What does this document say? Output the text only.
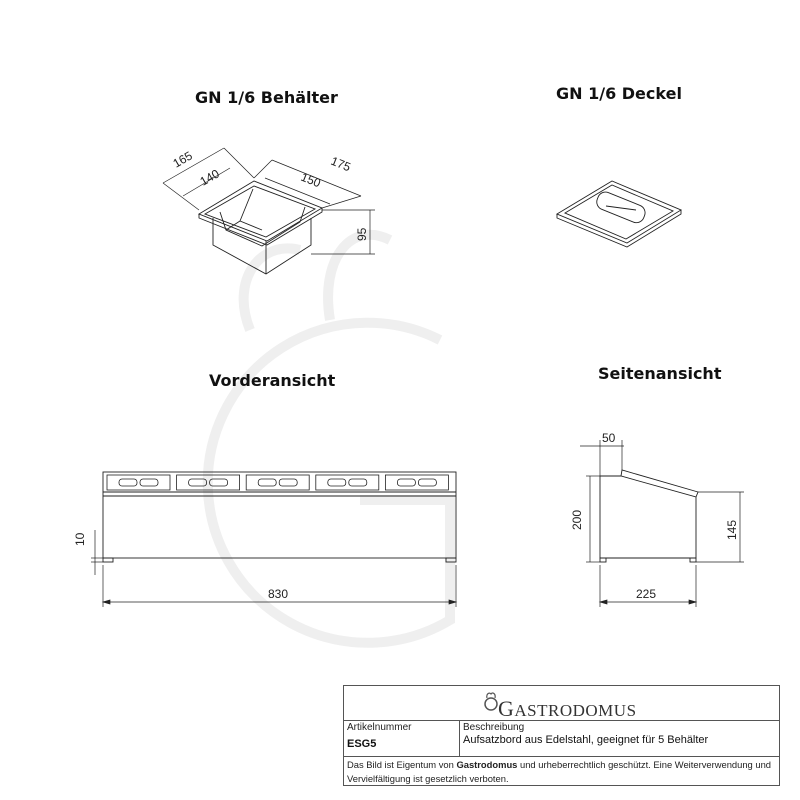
165
140
175
150
95
10
830
50
200	145
225
GN 1/6 Behälter	GN 1/6 Deckel
Vorderansicht	Seitenansicht
GASTRODOMUS
Artikelnummer
ESG5
Beschreibung
Aufsatzbord aus Edelstahl, geeignet für 5 Behälter
Das Bild ist Eigentum von Gastrodomus und urheberrechtlich geschützt. Eine Weiterverwendung und Vervielfältigung ist gesetzlich verboten.
